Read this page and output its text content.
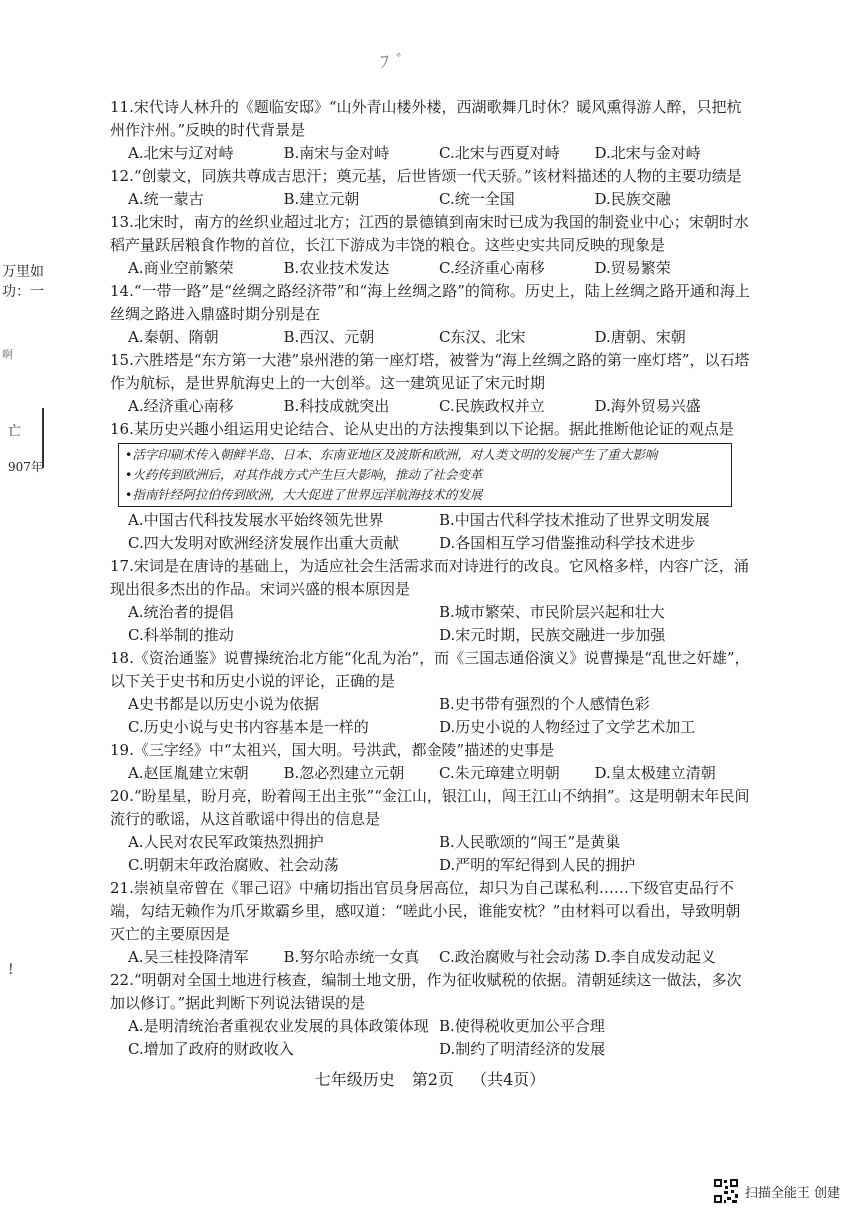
ﾌ ﾞ
万里如
功：一
啊
亡
907年
!
11.宋代诗人林升的《题临安邸》“山外青山楼外楼，西湖歌舞几时休？暖风熏得游人醉，只把杭州作汴州。”反映的时代背景是
A.北宋与辽对峙	B.南宋与金对峙	C.北宋与西夏对峙	D.北宋与金对峙
12.“创蒙文，同族共尊成吉思汗；奠元基，后世皆颂一代天骄。”该材料描述的人物的主要功绩是
A.统一蒙古	B.建立元朝	C.统一全国	D.民族交融
13.北宋时，南方的丝织业超过北方；江西的景德镇到南宋时已成为我国的制瓷业中心；宋朝时水稻产量跃居粮食作物的首位，长江下游成为丰饶的粮仓。这些史实共同反映的现象是
A.商业空前繁荣	B.农业技术发达	C.经济重心南移	D.贸易繁荣
14.“一带一路”是“丝绸之路经济带”和“海上丝绸之路”的简称。历史上，陆上丝绸之路开通和海上丝绸之路进入鼎盛时期分别是在
A.秦朝、隋朝	B.西汉、元朝	C东汉、北宋	D.唐朝、宋朝
15.六胜塔是“东方第一大港”泉州港的第一座灯塔，被誉为“海上丝绸之路的第一座灯塔”，以石塔作为航标，是世界航海史上的一大创举。这一建筑见证了宋元时期
A.经济重心南移	B.科技成就突出	C.民族政权并立	D.海外贸易兴盛
16.某历史兴趣小组运用史论结合、论从史出的方法搜集到以下论据。据此推断他论证的观点是
•活字印刷术传入朝鲜半岛、日本、东南亚地区及波斯和欧洲，对人类文明的发展产生了重大影响
•火药传到欧洲后，对其作战方式产生巨大影响，推动了社会变革
•指南针经阿拉伯传到欧洲，大大促进了世界远洋航海技术的发展
A.中国古代科技发展水平始终领先世界	B.中国古代科学技术推动了世界文明发展
C.四大发明对欧洲经济发展作出重大贡献	D.各国相互学习借鉴推动科学技术进步
17.宋词是在唐诗的基础上，为适应社会生活需求而对诗进行的改良。它风格多样，内容广泛，涌现出很多杰出的作品。宋词兴盛的根本原因是
A.统治者的提倡	B.城市繁荣、市民阶层兴起和壮大
C.科举制的推动	D.宋元时期，民族交融进一步加强
18.《资治通鉴》说曹操统治北方能“化乱为治”，而《三国志通俗演义》说曹操是“乱世之奸雄”，以下关于史书和历史小说的评论，正确的是
A史书都是以历史小说为依据	B.史书带有强烈的个人感情色彩
C.历史小说与史书内容基本是一样的	D.历史小说的人物经过了文学艺术加工
19.《三字经》中“太祖兴，国大明。号洪武，都金陵”描述的史事是
A.赵匡胤建立宋朝	B.忽必烈建立元朝	C.朱元璋建立明朝	D.皇太极建立清朝
20.“盼星星，盼月亮，盼着闯王出主张”“金江山，银江山，闯王江山不纳捐”。这是明朝末年民间流行的歌谣，从这首歌谣中得出的信息是
A.人民对农民军政策热烈拥护	B.人民歌颂的“闯王”是黄巢
C.明朝末年政治腐败、社会动荡	D.严明的军纪得到人民的拥护
21.崇祯皇帝曾在《罪己诏》中痛切指出官员身居高位，却只为自己谋私利……下级官吏品行不端，勾结无赖作为爪牙欺霸乡里，感叹道：“嗟此小民，谁能安枕？”由材料可以看出，导致明朝灭亡的主要原因是
A.吴三桂投降清军	B.努尔哈赤统一女真	C.政治腐败与社会动荡 D.李自成发动起义
22.“明朝对全国土地进行核查，编制土地文册，作为征收赋税的依据。清朝延续这一做法，多次加以修订。”据此判断下列说法错误的是
A.是明清统治者重视农业发展的具体政策体现 B.使得税收更加公平合理
C.增加了政府的财政收入	D.制约了明清经济的发展
七年级历史 第2页 （共4页）
扫描全能王 创建
